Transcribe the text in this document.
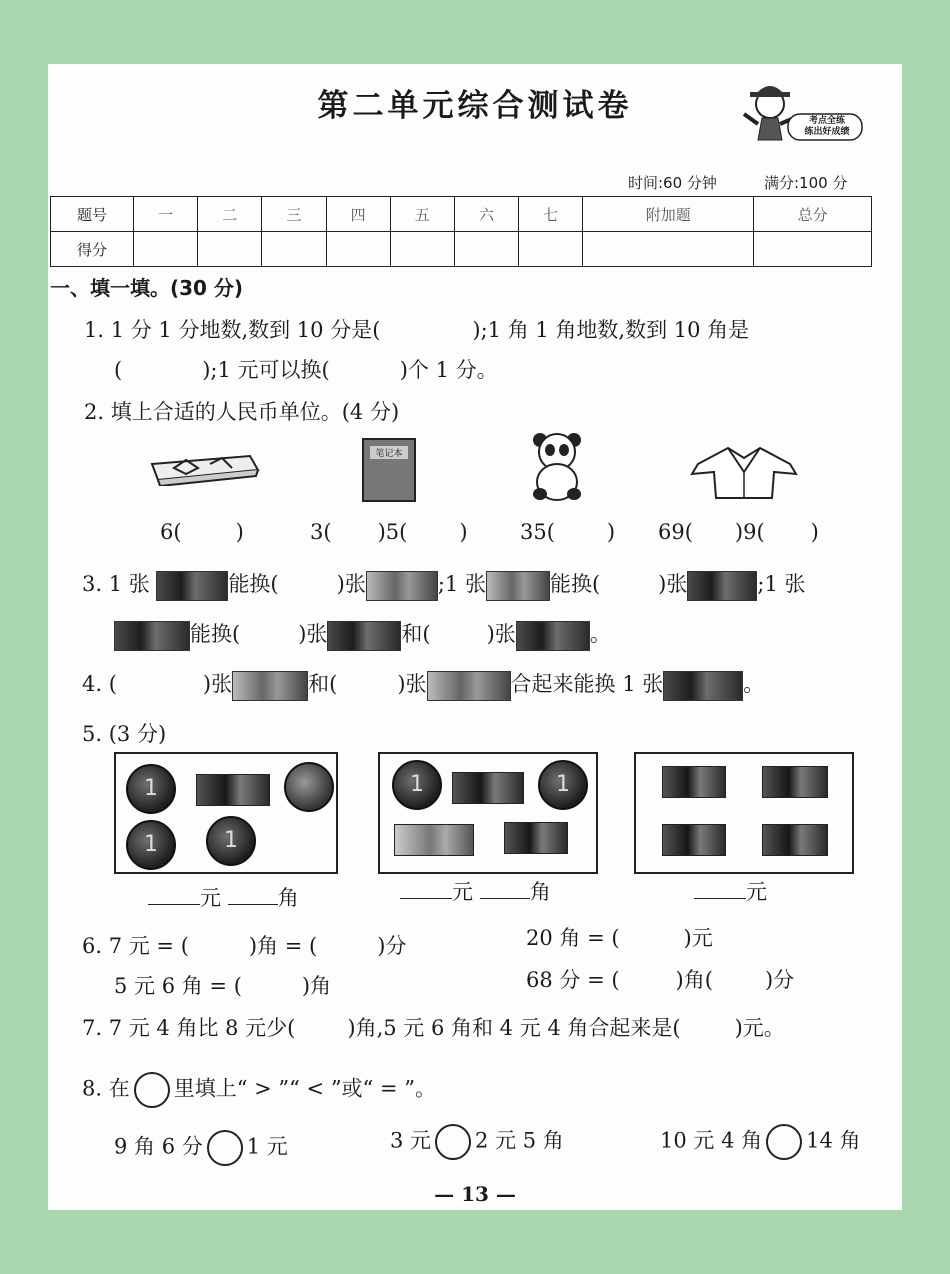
第二单元综合测试卷	考点全练
练出好成绩
时间:60 分钟	满分:100 分
题号	一	二	三	四	五	六	七	附加题	总分
得分									
一、填一填。(30 分)
1. 1 分 1 分地数,数到 10 分是(	);1 角 1 角地数,数到 10 角是
(	);1 元可以换(	)个 1 分。
2. 填上合适的人民币单位。(4 分)
笔记本
6(	)	3( )5( ) 35( ) 69( )9( )
3. 1 张	能换(	)张	;1 张	能换(	)张	;1 张
能换(	)张	和(	)张	。
4. (	)张	和(	)张	合起来能换 1 张	。
5. (3 分)
1
1	1
1	1
元	角	元	角	元
6. 7 元 = (	)角 = (	)分	20 角 = (	)元
5 元 6 角 = (	)角	68 分 = (	)角( )分
7. 7 元 4 角比 8 元少( )角,5 元 6 角和 4 元 4 角合起来是(	)元。
8. 在 里填上“ > ”“ < ”或“ = ”。
9 角 6 分 1 元	3 元 2 元 5 角	10 元 4 角 14 角
— 13 —
